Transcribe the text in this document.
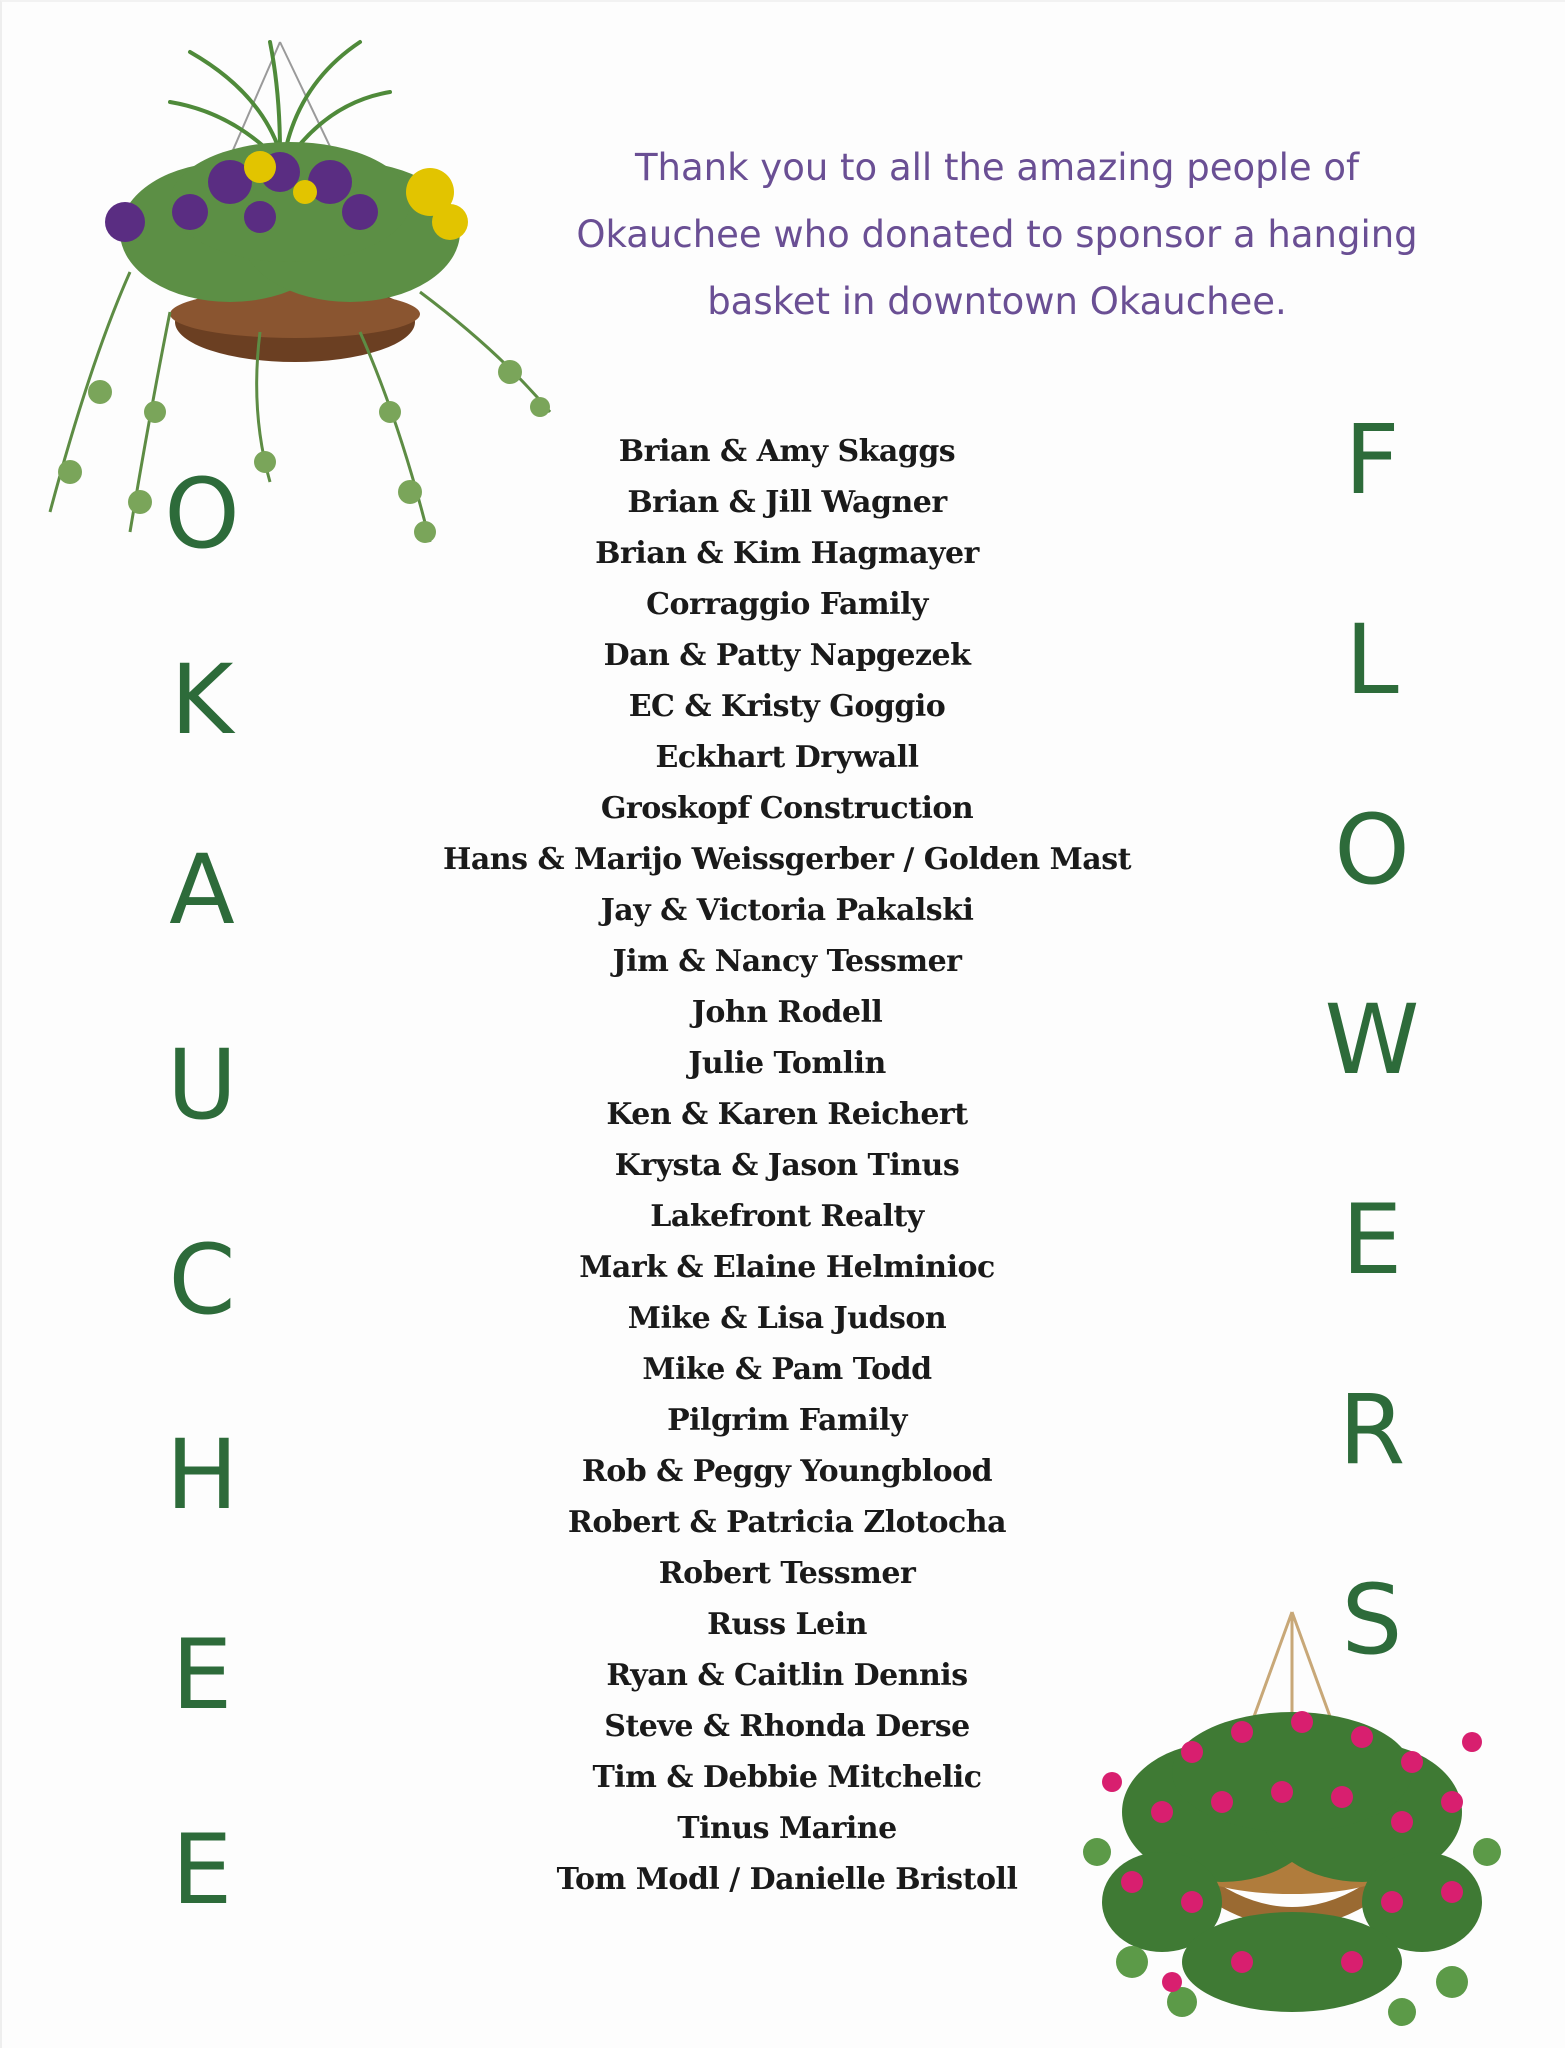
Thank you to all the amazing people of
Okauchee who donated to sponsor a hanging
basket in downtown Okauchee.
O
K
A
U
C
H
E
E
F
L
O
W
E
R
S
Brian & Amy Skaggs
Brian & Jill Wagner
Brian & Kim Hagmayer
Corraggio Family
Dan & Patty Napgezek
EC & Kristy Goggio
Eckhart Drywall
Groskopf Construction
Hans & Marijo Weissgerber / Golden Mast
Jay & Victoria Pakalski
Jim & Nancy Tessmer
John Rodell
Julie Tomlin
Ken & Karen Reichert
Krysta & Jason Tinus
Lakefront Realty
Mark & Elaine Helminioc
Mike & Lisa Judson
Mike & Pam Todd
Pilgrim Family
Rob & Peggy Youngblood
Robert & Patricia Zlotocha
Robert Tessmer
Russ Lein
Ryan & Caitlin Dennis
Steve & Rhonda Derse
Tim & Debbie Mitchelic
Tinus Marine
Tom Modl / Danielle Bristoll
